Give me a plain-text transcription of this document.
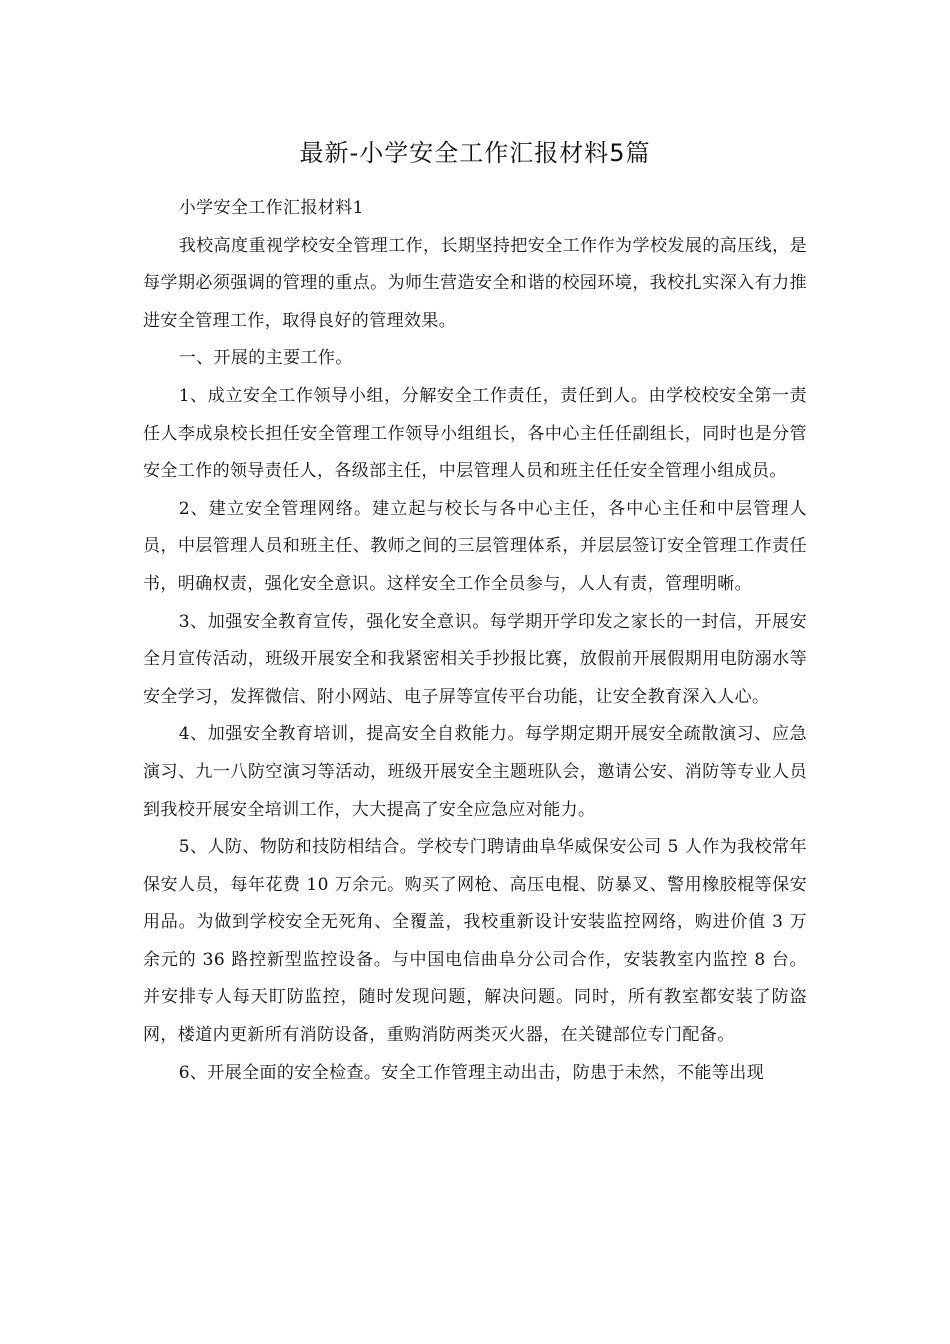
最新-小学安全工作汇报材料5篇

小学安全工作汇报材料1

我校高度重视学校安全管理工作，长期坚持把安全工作作为学校发展的高压线，是每学期必须强调的管理的重点。为师生营造安全和谐的校园环境，我校扎实深入有力推进安全管理工作，取得良好的管理效果。

一、开展的主要工作。

1、成立安全工作领导小组，分解安全工作责任，责任到人。由学校校安全第一责任人李成泉校长担任安全管理工作领导小组组长，各中心主任任副组长，同时也是分管安全工作的领导责任人，各级部主任，中层管理人员和班主任任安全管理小组成员。

2、建立安全管理网络。建立起与校长与各中心主任，各中心主任和中层管理人员，中层管理人员和班主任、教师之间的三层管理体系，并层层签订安全管理工作责任书，明确权责，强化安全意识。这样安全工作全员参与，人人有责，管理明晰。

3、加强安全教育宣传，强化安全意识。每学期开学印发之家长的一封信，开展安全月宣传活动，班级开展安全和我紧密相关手抄报比赛，放假前开展假期用电防溺水等安全学习，发挥微信、附小网站、电子屏等宣传平台功能，让安全教育深入人心。

4、加强安全教育培训，提高安全自救能力。每学期定期开展安全疏散演习、应急演习、九一八防空演习等活动，班级开展安全主题班队会，邀请公安、消防等专业人员到我校开展安全培训工作，大大提高了安全应急应对能力。

5、人防、物防和技防相结合。学校专门聘请曲阜华威保安公司 5 人作为我校常年保安人员，每年花费 10 万余元。购买了网枪、高压电棍、防暴叉、警用橡胶棍等保安用品。为做到学校安全无死角、全覆盖，我校重新设计安装监控网络，购进价值 3 万余元的 36 路控新型监控设备。与中国电信曲阜分公司合作，安装教室内监控 8 台。并安排专人每天盯防监控，随时发现问题，解决问题。同时，所有教室都安装了防盗网，楼道内更新所有消防设备，重购消防两类灭火器，在关键部位专门配备。

6、开展全面的安全检查。安全工作管理主动出击，防患于未然，不能等出现
